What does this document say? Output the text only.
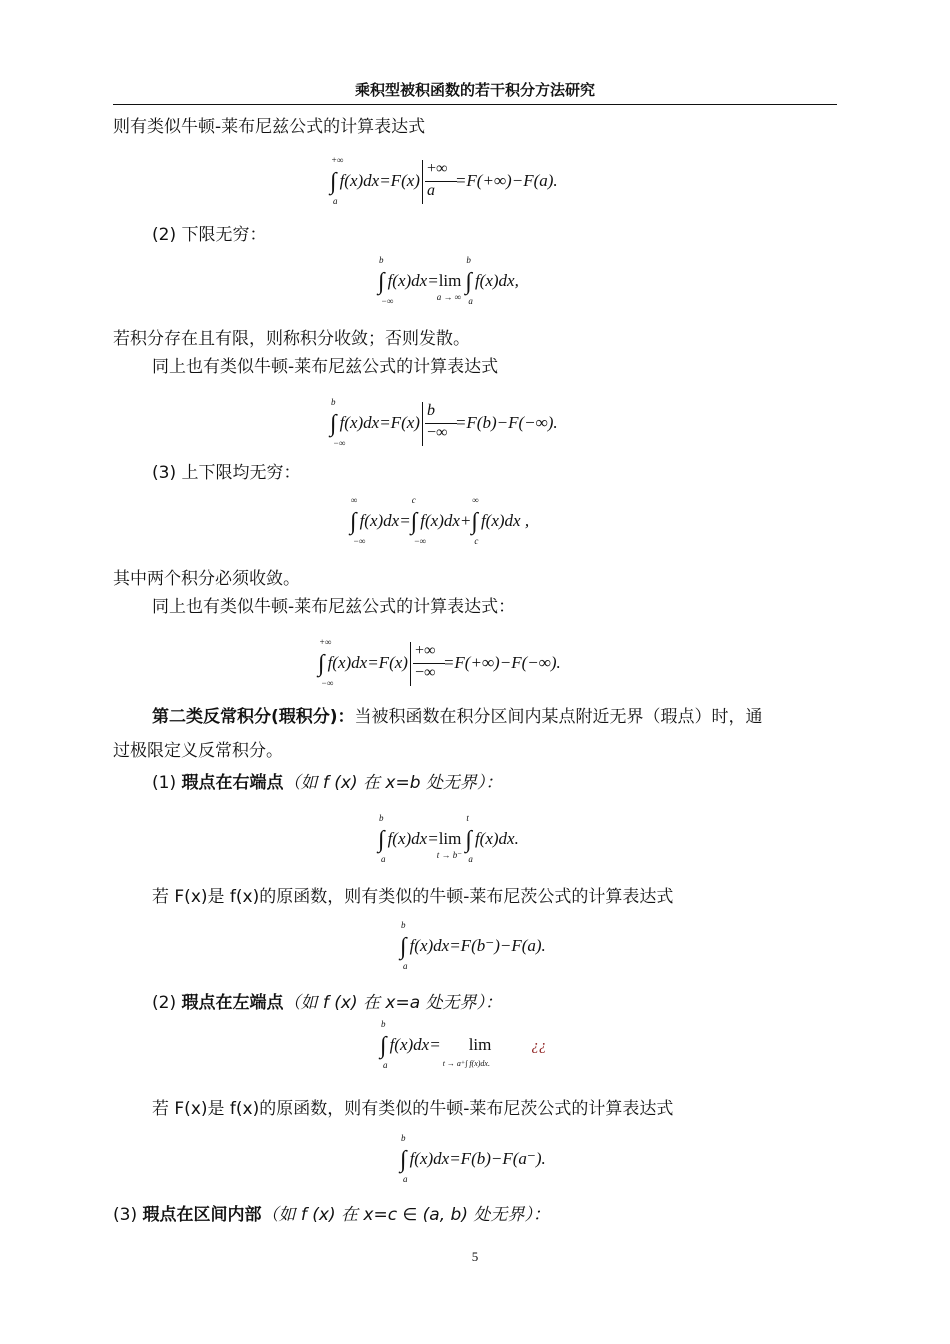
乘积型被积函数的若干积分方法研究
则有类似牛顿-莱布尼兹公式的计算表达式
∫
+∞
a
f(x)dx=F(x)
+∞
a
=F(+∞)−F(a).
(2) 下限无穷：
∫
b
−∞
f(x)dx=lim
a → ∞
∫
b
a
f(x)dx,
若积分存在且有限，则称积分收敛；否则发散。
同上也有类似牛顿-莱布尼兹公式的计算表达式
∫
b
−∞
f(x)dx=F(x)
b
−∞
=F(b)−F(−∞).
(3) 上下限均无穷：
∫
∞
−∞
f(x)dx=∫
c
−∞
f(x)dx+∫
∞
c
f(x)dx ,
其中两个积分必须收敛。
同上也有类似牛顿-莱布尼兹公式的计算表达式：
∫
+∞
−∞
f(x)dx=F(x)
+∞
−∞
=F(+∞)−F(−∞).
第二类反常积分(瑕积分)：当被积函数在积分区间内某点附近无界（瑕点）时，通
过极限定义反常积分。
(1) 瑕点在右端点（如 f (x) 在 x=b 处无界）：
∫
b
a
f(x)dx=lim
t → b⁻
∫
t
a
f(x)dx.
若 F(x)是 f(x)的原函数，则有类似的牛顿-莱布尼茨公式的计算表达式
∫
b
a
f(x)dx=F(b⁻)−F(a).
(2) 瑕点在左端点（如 f (x) 在 x=a 处无界）：
∫
b
a
f(x)dx= lim
t → a⁺∫ f(x)dx.
¿¿
若 F(x)是 f(x)的原函数，则有类似的牛顿-莱布尼茨公式的计算表达式
∫
b
a
f(x)dx=F(b)−F(a⁻).
(3) 瑕点在区间内部（如 f (x) 在 x=c ∈ (a, b) 处无界）：
5
